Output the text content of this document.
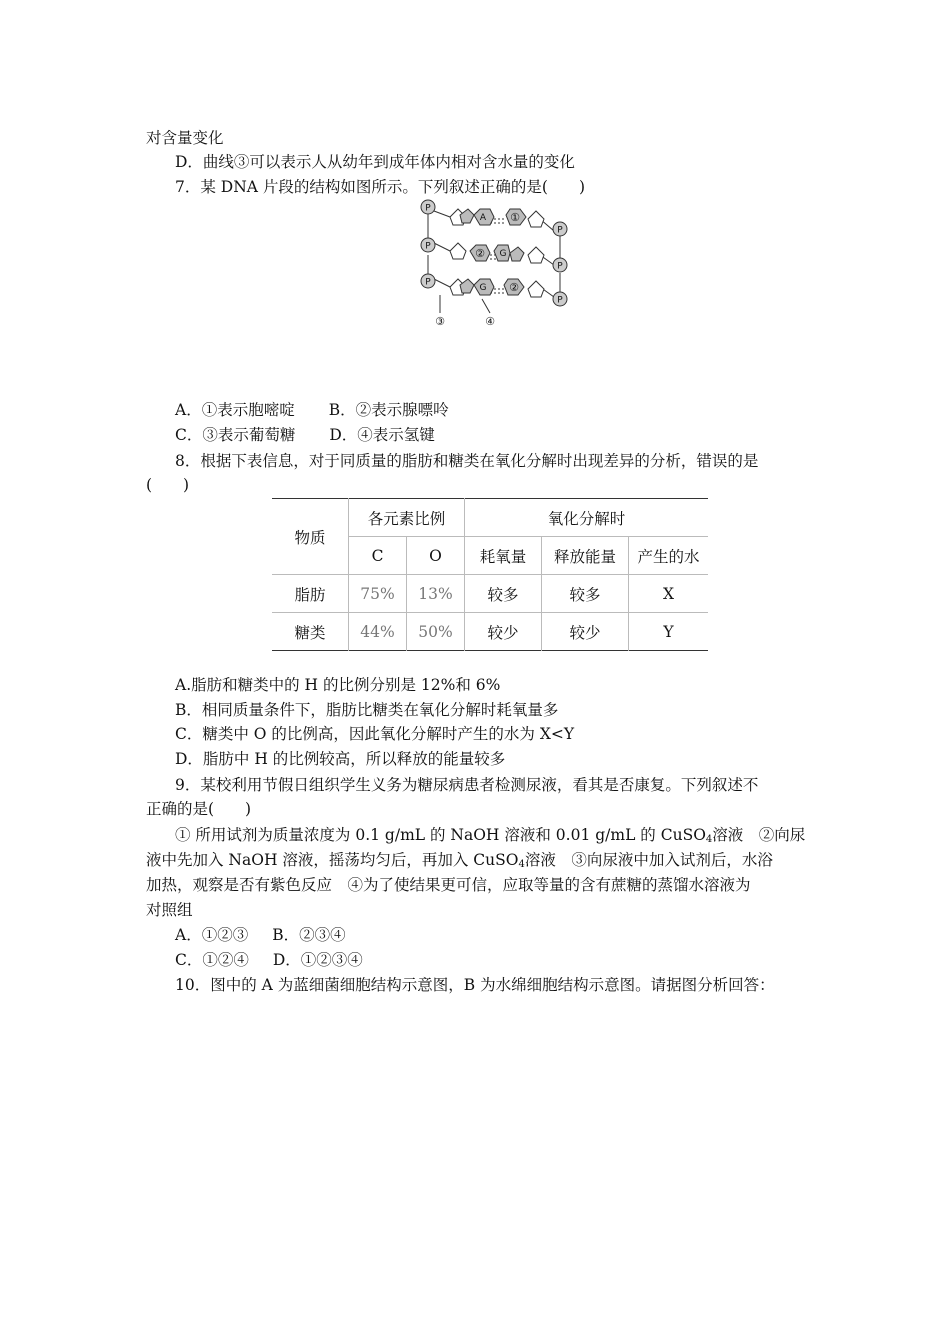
对含量变化
D．曲线③可以表示人从幼年到成年体内相对含水量的变化
7．某 DNA 片段的结构如图所示。下列叙述正确的是(　　)
P
P
P
P
P
P
A ①
② G
G ②
③	④
A．①表示胞嘧啶 B．②表示腺嘌呤
C．③表示葡萄糖 D．④表示氢键
8．根据下表信息，对于同质量的脂肪和糖类在氧化分解时出现差异的分析，错误的是
(　　)
物质	各元素比例		氧化分解时		
	C	O	耗氧量	释放能量	产生的水
脂肪	75%	13%	较多	较多	X
糖类	44%	50%	较少	较少	Y
A.脂肪和糖类中的 H 的比例分别是 12%和 6%
B．相同质量条件下，脂肪比糖类在氧化分解时耗氧量多
C．糖类中 O 的比例高，因此氧化分解时产生的水为 X<Y
D．脂肪中 H 的比例较高，所以释放的能量较多
9．某校利用节假日组织学生义务为糖尿病患者检测尿液，看其是否康复。下列叙述不
正确的是(　　)
① 所用试剂为质量浓度为 0.1 g/mL 的 NaOH 溶液和 0.01 g/mL 的 CuSO$_4$溶液　②向尿
液中先加入 NaOH 溶液，摇荡均匀后，再加入 CuSO$_4$溶液　③向尿液中加入试剂后，水浴
加热，观察是否有紫色反应　④为了使结果更可信，应取等量的含有蔗糖的蒸馏水溶液为
对照组
A．①②③ B．②③④
C．①②④ D．①②③④
10．图中的 A 为蓝细菌细胞结构示意图，B 为水绵细胞结构示意图。请据图分析回答：
